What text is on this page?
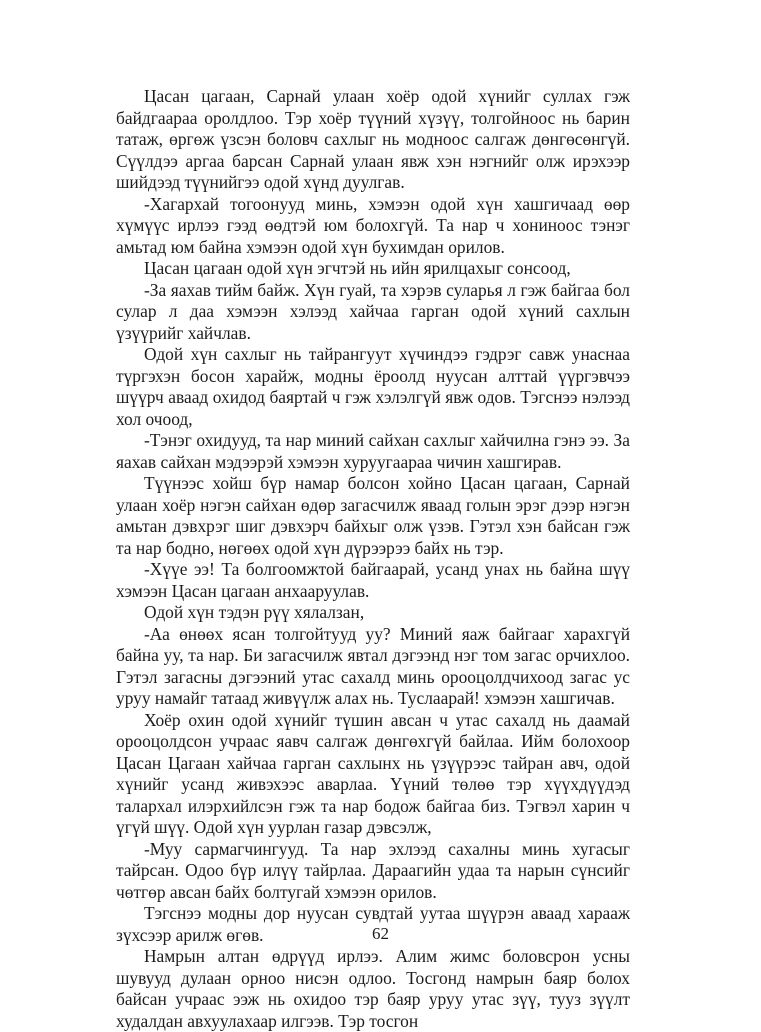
Цасан цагаан, Сарнай улаан хоёр одой хүнийг суллах гэж байдгаараа оролдлоо. Тэр хоёр түүний хүзүү, толгойноос нь барин татаж, өргөж үзсэн боловч сахлыг нь модноос салгаж дөнгөсөнгүй. Сүүлдээ аргаа барсан Сарнай улаан явж хэн нэгнийг олж ирэхээр шийдээд түүнийгээ одой хүнд дуулгав.

-Хагархай тогоонууд минь, хэмээн одой хүн хашгичаад өөр хүмүүс ирлээ гээд өөдтэй юм болохгүй. Та нар ч хониноос тэнэг амьтад юм байна хэмээн одой хүн бухимдан орилов.

Цасан цагаан одой хүн эгчтэй нь ийн ярилцахыг сонсоод,

-За яахав тийм байж. Хүн гуай, та хэрэв суларья л гэж байгаа бол сулар л даа хэмээн хэлээд хайчаа гарган одой хүний сахлын үзүүрийг хайчлав.

Одой хүн сахлыг нь тайрангуут хүчиндээ гэдрэг савж унаснаа түргэхэн босон харайж, модны ёроолд нуусан алттай үүргэвчээ шүүрч аваад охидод баяртай ч гэж хэлэлгүй явж одов. Тэгснээ нэлээд хол очоод,

-Тэнэг охидууд, та нар миний сайхан сахлыг хайчилна гэнэ ээ. За яахав сайхан мэдээрэй хэмээн хуруугаараа чичин хашгирав.

Түүнээс хойш бүр намар болсон хойно Цасан цагаан, Сарнай улаан хоёр нэгэн сайхан өдөр загасчилж яваад голын эрэг дээр нэгэн амьтан дэвхрэг шиг дэвхэрч байхыг олж үзэв. Гэтэл хэн байсан гэж та нар бодно, нөгөөх одой хүн дүрээрээ байх нь тэр.

-Хүүе ээ! Та болгоомжтой байгаарай, усанд унах нь байна шүү хэмээн Цасан цагаан анхааруулав.

Одой хүн тэдэн рүү хялалзан,

-Аа өнөөх ясан толгойтууд уу? Миний яаж байгааг харахгүй байна уу, та нар. Би загасчилж явтал дэгээнд нэг том загас орчихлоо. Гэтэл загасны дэгээний утас сахалд минь орооцолдчихоод загас ус уруу намайг татаад живүүлж алах нь. Туслаарай! хэмээн хашгичав.

Хоёр охин одой хүнийг түшин авсан ч утас сахалд нь даамай орооцолдсон учраас яавч салгаж дөнгөхгүй байлаа. Ийм болохоор Цасан Цагаан хайчаа гарган сахлынх нь үзүүрээс тайран авч, одой хүнийг усанд живэхээс аварлаа. Үүний төлөө тэр хүүхдүүдэд талархал илэрхийлсэн гэж та нар бодож байгаа биз. Тэгвэл харин ч үгүй шүү. Одой хүн уурлан газар дэвсэлж,

-Муу сармагчингууд. Та нар эхлээд сахалны минь хугасыг тайрсан. Одоо бүр илүү тайрлаа. Дараагийн удаа та нарын сүнсийг чөтгөр авсан байх болтугай хэмээн орилов.

Тэгснээ модны дор нуусан сувдтай уутаа шүүрэн аваад хараaж зүхсээр арилж өгөв.

Намрын алтан өдрүүд ирлээ. Алим жимс боловсрон усны шувууд дулаан орноо нисэн одлоо. Тосгонд намрын баяр болох байсан учраас ээж нь охидоо тэр баяр уруу утас зүү, тууз зүүлт худалдан авхуулахаар илгээв. Тэр тосгон

62
